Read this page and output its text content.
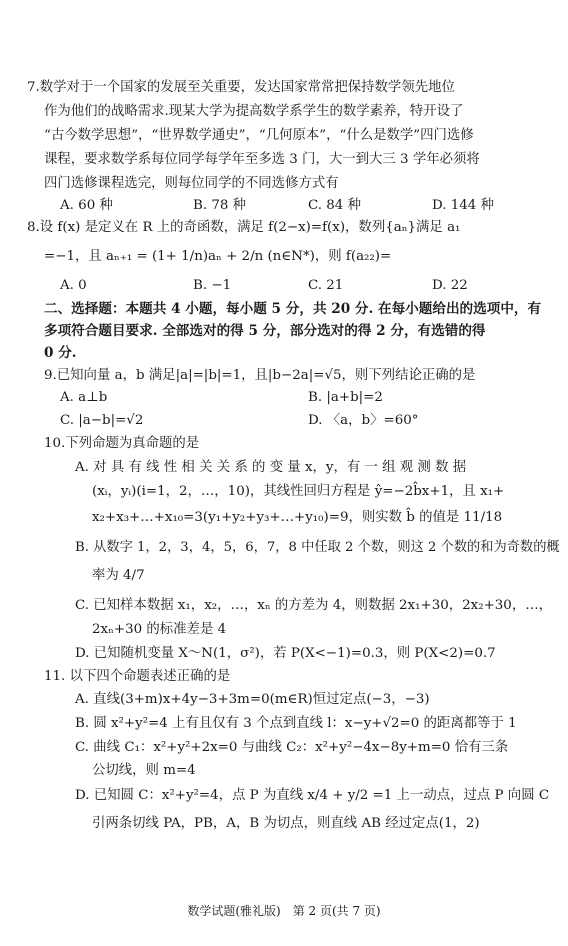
7.数学对于一个国家的发展至关重要，发达国家常常把保持数学领先地位
作为他们的战略需求.现某大学为提高数学系学生的数学素养，特开设了
“古今数学思想”，“世界数学通史”，“几何原本”，“什么是数学”四门选修
课程，要求数学系每位同学每学年至多选 3 门，大一到大三 3 学年必须将
四门选修课程选完，则每位同学的不同选修方式有
A. 60 种	B. 78 种	C. 84 种	D. 144 种
8.设 f(x) 是定义在 R 上的奇函数，满足 f(2−x)=f(x)，数列{aₙ}满足 a₁
=−1，且 aₙ₊₁ = (1+ 1/n)aₙ + 2/n (n∈N*)，则 f(a₂₂)=
A. 0	B. −1	C. 21	D. 22
二、选择题：本题共 4 小题，每小题 5 分，共 20 分. 在每小题给出的选项中，有
多项符合题目要求. 全部选对的得 5 分，部分选对的得 2 分，有选错的得
0 分.
9.已知向量 a，b 满足|a|=|b|=1，且|b−2a|=√5，则下列结论正确的是
A. a⊥b	B. |a+b|=2
C. |a−b|=√2	D. 〈a，b〉=60°
10.下列命题为真命题的是
A. 对 具 有 线 性 相 关 关 系 的 变 量 x，y，有 一 组 观 测 数 据
(xᵢ，yᵢ)(i=1，2，…，10)，其线性回归方程是 ŷ=−2b̂x+1，且 x₁+
x₂+x₃+…+x₁₀=3(y₁+y₂+y₃+…+y₁₀)=9，则实数 b̂ 的值是 11/18
B. 从数字 1，2，3，4，5，6，7，8 中任取 2 个数，则这 2 个数的和为奇数的概
率为 4/7
C. 已知样本数据 x₁，x₂，…，xₙ 的方差为 4，则数据 2x₁+30，2x₂+30，…，
2xₙ+30 的标准差是 4
D. 已知随机变量 X～N(1，σ²)，若 P(X<−1)=0.3，则 P(X<2)=0.7
11. 以下四个命题表述正确的是
A. 直线(3+m)x+4y−3+3m=0(m∈R)恒过定点(−3，−3)
B. 圆 x²+y²=4 上有且仅有 3 个点到直线 l：x−y+√2=0 的距离都等于 1
C. 曲线 C₁：x²+y²+2x=0 与曲线 C₂：x²+y²−4x−8y+m=0 恰有三条
公切线，则 m=4
D. 已知圆 C：x²+y²=4，点 P 为直线 x/4 + y/2 =1 上一动点，过点 P 向圆 C
引两条切线 PA，PB，A，B 为切点，则直线 AB 经过定点(1，2)
数学试题(雅礼版)　第 2 页(共 7 页)
